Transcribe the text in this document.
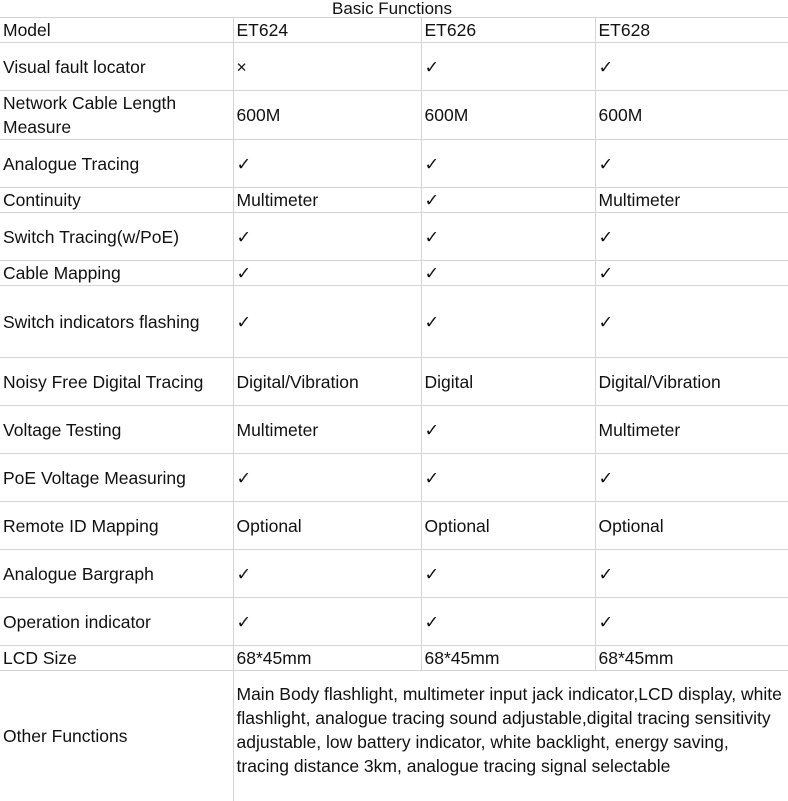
Basic Functions
Model	ET624	ET626	ET628
Visual fault locator	×	✓	✓
Network Cable Length Measure	600M	600M	600M
Analogue Tracing	✓	✓	✓
Continuity	Multimeter	✓	Multimeter
Switch Tracing(w/PoE)	✓	✓	✓
Cable Mapping	✓	✓	✓
Switch indicators flashing	✓	✓	✓
Noisy Free Digital Tracing	Digital/Vibration	Digital	Digital/Vibration
Voltage Testing	Multimeter	✓	Multimeter
PoE Voltage Measuring	✓	✓	✓
Remote ID Mapping	Optional	Optional	Optional
Analogue Bargraph	✓	✓	✓
Operation indicator	✓	✓	✓
LCD Size	68*45mm	68*45mm	68*45mm
Other Functions	Main Body flashlight, multimeter input jack indicator,LCD display, white flashlight, analogue tracing sound adjustable,digital tracing sensitivity adjustable, low battery indicator, white backlight, energy saving, tracing distance 3km, analogue tracing signal selectable		
